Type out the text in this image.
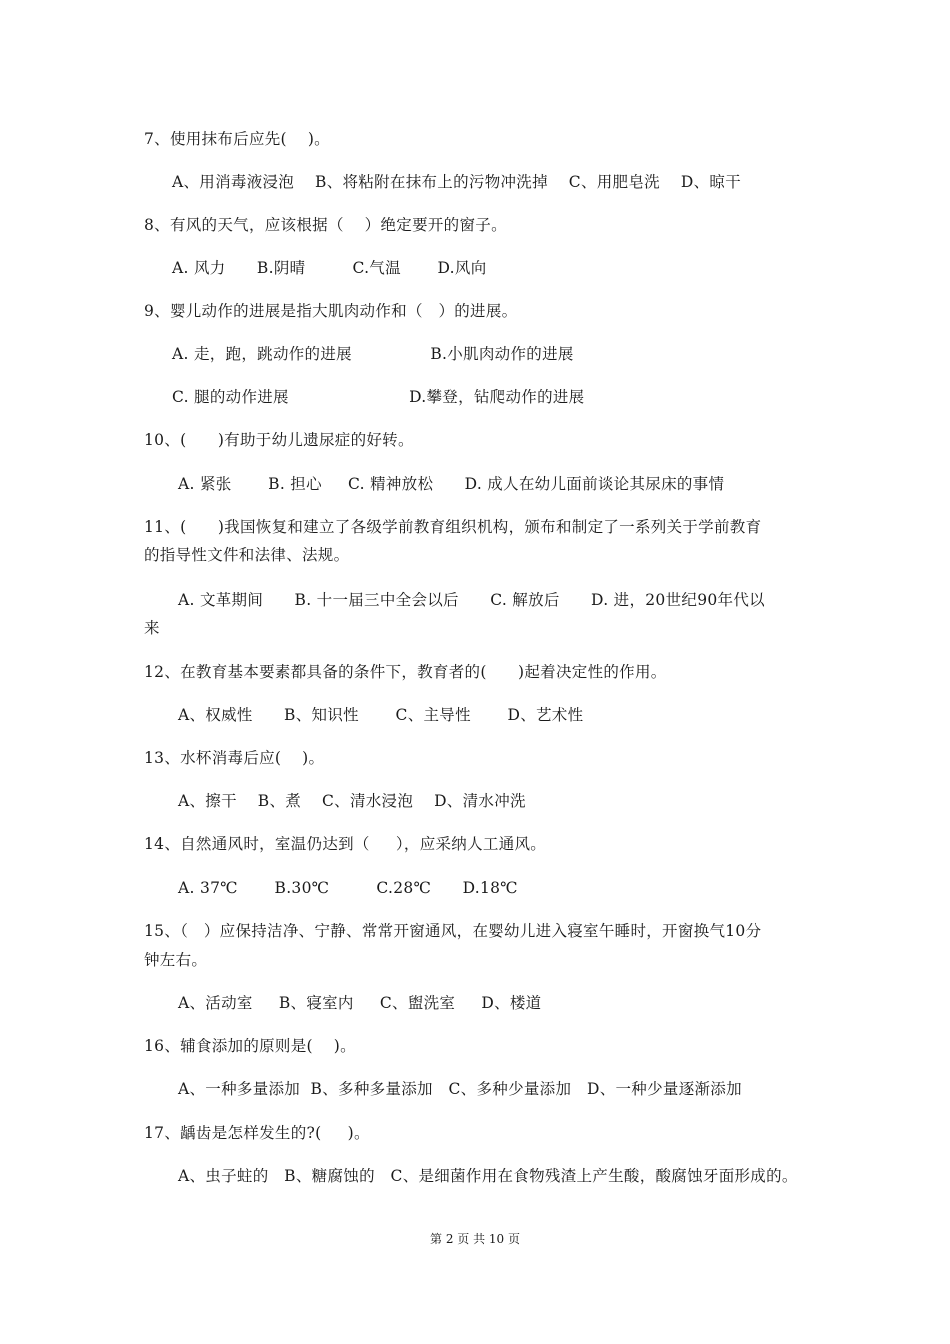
7、使用抹布后应先(    )。
A、用消毒液浸泡    B、将粘附在抹布上的污物冲洗掉    C、用肥皂洗    D、晾干
8、有风的天气，应该根据（    ）绝定要开的窗子。
A. 风力      B.阴晴         C.气温       D.风向
9、婴儿动作的进展是指大肌肉动作和（   ）的进展。
A. 走，跑，跳动作的进展               B.小肌肉动作的进展
C. 腿的动作进展                       D.攀登，钻爬动作的进展
10、(      )有助于幼儿遗尿症的好转。
A. 紧张       B. 担心     C. 精神放松      D. 成人在幼儿面前谈论其尿床的事情
11、(      )我国恢复和建立了各级学前教育组织机构，颁布和制定了一系列关于学前教育
的指导性文件和法律、法规。
A. 文革期间      B. 十一届三中全会以后      C. 解放后      D. 进，20世纪90年代以
来
12、在教育基本要素都具备的条件下，教育者的(      )起着决定性的作用。
A、权威性      B、知识性       C、主导性       D、艺术性
13、水杯消毒后应(    )。
A、擦干    B、煮    C、清水浸泡    D、清水冲洗
14、自然通风时，室温仍达到（     ），应采纳人工通风。
A. 37℃       B.30℃         C.28℃      D.18℃
15、（   ）应保持洁净、宁静、常常开窗通风，在婴幼儿进入寝室午睡时，开窗换气10分
钟左右。
A、活动室     B、寝室内     C、盥洗室     D、楼道
16、辅食添加的原则是(    )。
A、一种多量添加  B、多种多量添加   C、多种少量添加   D、一种少量逐渐添加
17、龋齿是怎样发生的?(     )。
A、虫子蛀的   B、糖腐蚀的   C、是细菌作用在食物残渣上产生酸，酸腐蚀牙面形成的。
第 2 页 共 10 页
